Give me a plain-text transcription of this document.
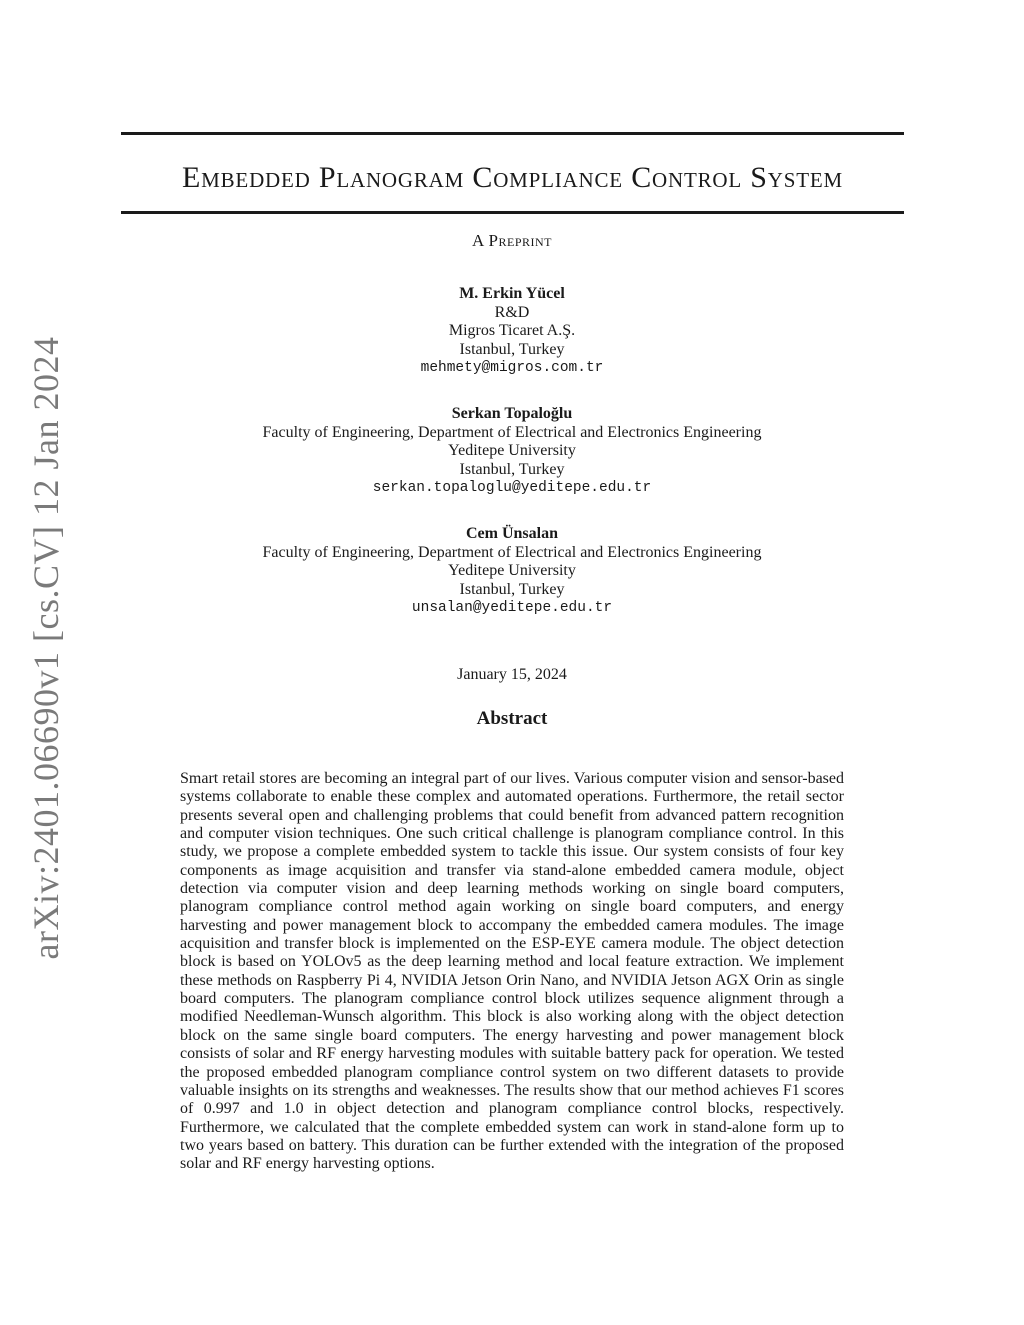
arXiv:2401.06690v1 [cs.CV] 12 Jan 2024
Embedded Planogram Compliance Control System
A Preprint
M. Erkin Yücel
R&D
Migros Ticaret A.Ş.
Istanbul, Turkey
mehmety@migros.com.tr
Serkan Topaloğlu
Faculty of Engineering, Department of Electrical and Electronics Engineering
Yeditepe University
Istanbul, Turkey
serkan.topaloglu@yeditepe.edu.tr
Cem Ünsalan
Faculty of Engineering, Department of Electrical and Electronics Engineering
Yeditepe University
Istanbul, Turkey
unsalan@yeditepe.edu.tr
January 15, 2024
Abstract
Smart retail stores are becoming an integral part of our lives. Various computer vision and sensor-based systems collaborate to enable these complex and automated operations. Furthermore, the retail sector presents several open and challenging problems that could benefit from advanced pattern recognition and computer vision techniques. One such critical challenge is planogram compliance control. In this study, we propose a complete embedded system to tackle this issue. Our system consists of four key components as image acquisition and transfer via stand-alone embedded camera module, object detection via computer vision and deep learning methods working on single board computers, planogram compliance control method again working on single board computers, and energy harvesting and power management block to accompany the embedded camera modules. The image acquisition and transfer block is implemented on the ESP-EYE camera module. The object detection block is based on YOLOv5 as the deep learning method and local feature extraction. We implement these methods on Raspberry Pi 4, NVIDIA Jetson Orin Nano, and NVIDIA Jetson AGX Orin as single board computers. The planogram compliance control block utilizes sequence alignment through a modified Needleman-Wunsch algorithm. This block is also working along with the object detection block on the same single board computers. The energy harvesting and power management block consists of solar and RF energy harvesting modules with suitable battery pack for operation. We tested the proposed embedded planogram compliance control system on two different datasets to provide valuable insights on its strengths and weaknesses. The results show that our method achieves F1 scores of 0.997 and 1.0 in object detection and planogram compliance control blocks, respectively. Furthermore, we calculated that the complete embedded system can work in stand-alone form up to two years based on battery. This duration can be further extended with the integration of the proposed solar and RF energy harvesting options.
